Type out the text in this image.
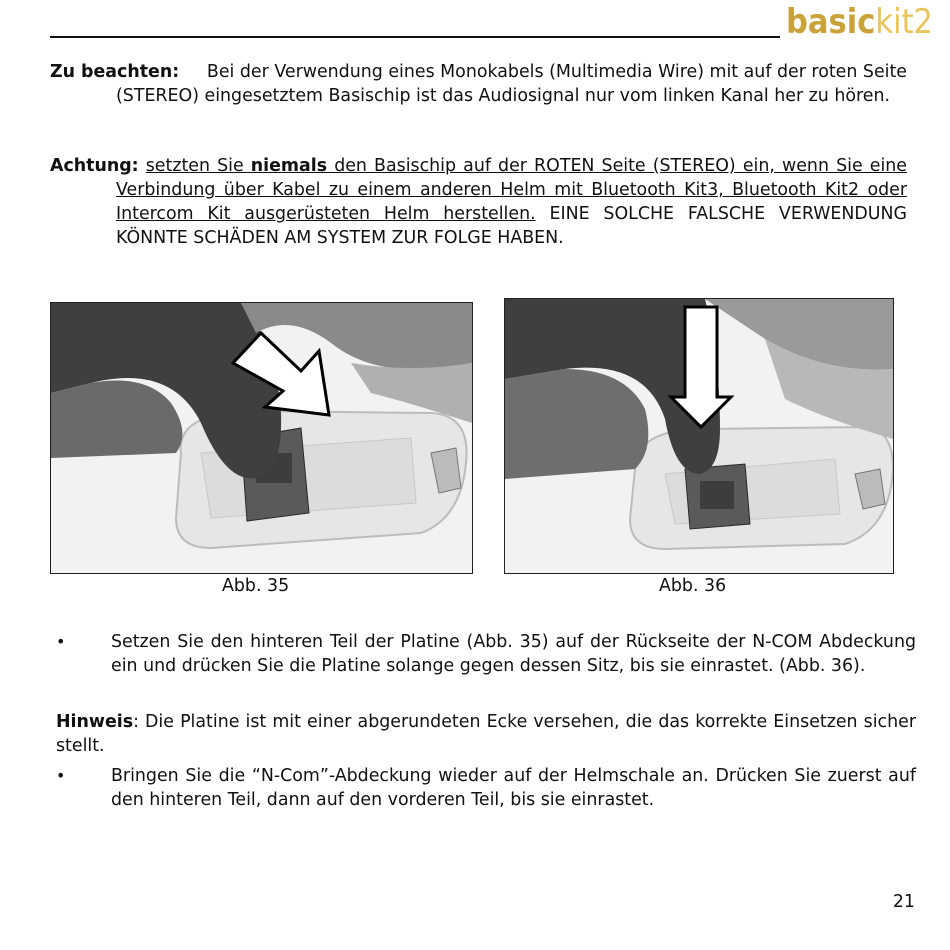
basickit2
Zu beachten: Bei der Verwendung eines Monokabels (Multimedia Wire) mit auf der roten Seite (STEREO) eingesetztem Basischip ist das Audiosignal nur vom linken Kanal her zu hören.
Achtung: setzten Sie niemals den Basischip auf der ROTEN Seite (STEREO) ein, wenn Sie eine Verbindung über Kabel zu einem anderen Helm mit Bluetooth Kit3, Bluetooth Kit2 oder Intercom Kit ausgerüsteten Helm herstellen. EINE SOLCHE FALSCHE VERWENDUNG KÖNNTE SCHÄDEN AM SYSTEM ZUR FOLGE HABEN.
Abb. 35	Abb. 36
•	Setzen Sie den hinteren Teil der Platine (Abb. 35) auf der Rückseite der N-COM Abdeckung ein und drücken Sie die Platine solange gegen dessen Sitz, bis sie einrastet. (Abb. 36).
Hinweis: Die Platine ist mit einer abgerundeten Ecke versehen, die das korrekte Einsetzen sicher stellt.
•	Bringen Sie die “N-Com”-Abdeckung wieder auf der Helmschale an. Drücken Sie zuerst auf den hinteren Teil, dann auf den vorderen Teil, bis sie einrastet.
21
